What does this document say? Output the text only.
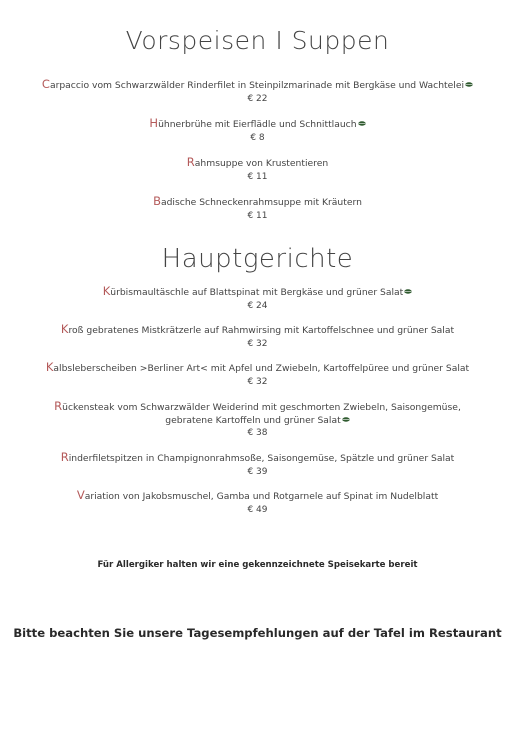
Vorspeisen I Suppen
Carpaccio vom Schwarzwälder Rinderfilet in Steinpilzmarinade mit Bergkäse und Wachtelei
€ 22
Hühnerbrühe mit Eierflädle und Schnittlauch
€ 8
Rahmsuppe von Krustentieren
€ 11
Badische Schneckenrahmsuppe mit Kräutern
€ 11
Hauptgerichte
Kürbismaultäschle auf Blattspinat mit Bergkäse und grüner Salat
€ 24
Kroß gebratenes Mistkrätzerle auf Rahmwirsing mit Kartoffelschnee und grüner Salat
€ 32
Kalbsleberscheiben >Berliner Art< mit Apfel und Zwiebeln, Kartoffelpüree und grüner Salat
€ 32
Rückensteak vom Schwarzwälder Weiderind mit geschmorten Zwiebeln, Saisongemüse,
gebratene Kartoffeln und grüner Salat
€ 38
Rinderfiletspitzen in Champignonrahmsoße, Saisongemüse, Spätzle und grüner Salat
€ 39
Variation von Jakobsmuschel, Gamba und Rotgarnele auf Spinat im Nudelblatt
€ 49
Für Allergiker halten wir eine gekennzeichnete Speisekarte bereit
Bitte beachten Sie unsere Tagesempfehlungen auf der Tafel im Restaurant
